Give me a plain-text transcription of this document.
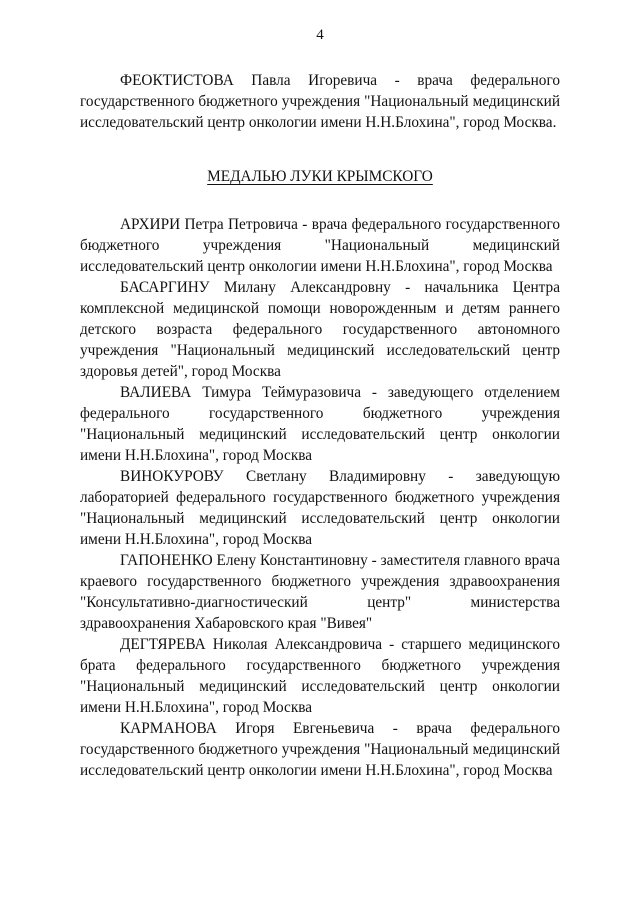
4

ФЕОКТИСТОВА Павла Игоревича - врача федерального государственного бюджетного учреждения "Национальный медицинский исследовательский центр онкологии имени Н.Н.Блохина", город Москва.

МЕДАЛЬЮ ЛУКИ КРЫМСКОГО

АРХИРИ Петра Петровича - врача федерального государственного бюджетного учреждения "Национальный медицинский исследовательский центр онкологии имени Н.Н.Блохина", город Москва

БАСАРГИНУ Милану Александровну - начальника Центра комплексной медицинской помощи новорожденным и детям раннего детского возраста федерального государственного автономного учреждения "Национальный медицинский исследовательский центр здоровья детей", город Москва

ВАЛИЕВА Тимура Теймуразовича - заведующего отделением федерального государственного бюджетного учреждения "Национальный медицинский исследовательский центр онкологии имени Н.Н.Блохина", город Москва

ВИНОКУРОВУ Светлану Владимировну - заведующую лабораторией федерального государственного бюджетного учреждения "Национальный медицинский исследовательский центр онкологии имени Н.Н.Блохина", город Москва

ГАПОНЕНКО Елену Константиновну - заместителя главного врача краевого государственного бюджетного учреждения здравоохранения "Консультативно-диагностический центр" министерства здравоохранения Хабаровского края "Вивея"

ДЕГТЯРЕВА Николая Александровича - старшего медицинского брата федерального государственного бюджетного учреждения "Национальный медицинский исследовательский центр онкологии имени Н.Н.Блохина", город Москва

КАРМАНОВА Игоря Евгеньевича - врача федерального государственного бюджетного учреждения "Национальный медицинский исследовательский центр онкологии имени Н.Н.Блохина", город Москва
